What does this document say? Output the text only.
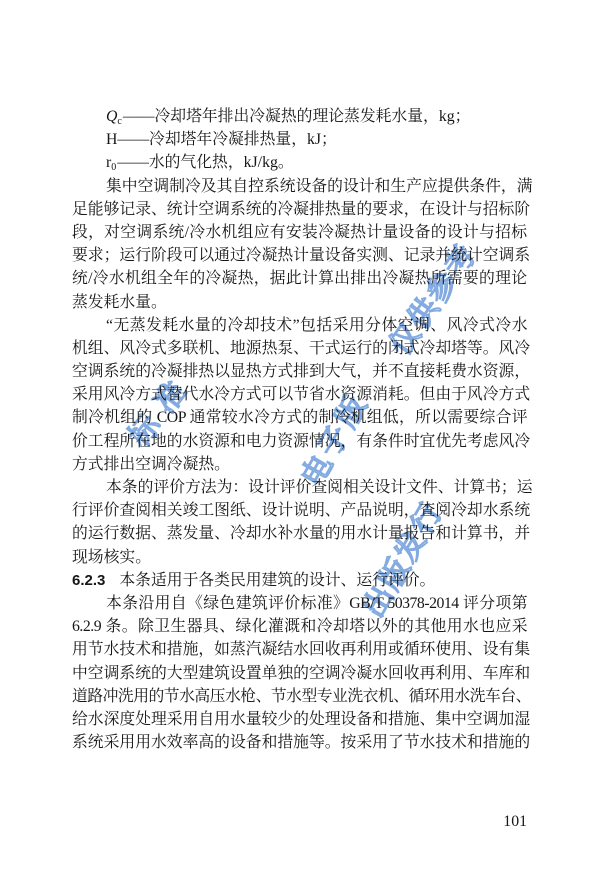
标准	电子版
仅供参考
出版发行
$Q_c——$冷却塔年排出冷凝热的理论蒸发耗水量，kg；
H——冷却塔年冷凝排热量，kJ；
$r_0——$水的气化热，kJ/kg。
集中空调制冷及其自控系统设备的设计和生产应提供条件，满
足能够记录、统计空调系统的冷凝排热量的要求，在设计与招标阶
段，对空调系统/冷水机组应有安装冷凝热计量设备的设计与招标
要求；运行阶段可以通过冷凝热计量设备实测、记录并统计空调系
统/冷水机组全年的冷凝热，据此计算出排出冷凝热所需要的理论
蒸发耗水量。
“无蒸发耗水量的冷却技术”包括采用分体空调、风冷式冷水
机组、风冷式多联机、地源热泵、干式运行的闭式冷却塔等。风冷
空调系统的冷凝排热以显热方式排到大气，并不直接耗费水资源，
采用风冷方式替代水冷方式可以节省水资源消耗。但由于风冷方式
制冷机组的 COP 通常较水冷方式的制冷机组低，所以需要综合评
价工程所在地的水资源和电力资源情况，有条件时宜优先考虑风冷
方式排出空调冷凝热。
本条的评价方法为：设计评价查阅相关设计文件、计算书；运
行评价查阅相关竣工图纸、设计说明、产品说明，查阅冷却水系统
的运行数据、蒸发量、冷却水补水量的用水计量报告和计算书，并
现场核实。
6.2.3 本条适用于各类民用建筑的设计、运行评价。
本条沿用自《绿色建筑评价标准》GB/T 50378-2014 评分项第
6.2.9 条。除卫生器具、绿化灌溉和冷却塔以外的其他用水也应采
用节水技术和措施，如蒸汽凝结水回收再利用或循环使用、设有集
中空调系统的大型建筑设置单独的空调冷凝水回收再利用、车库和
道路冲洗用的节水高压水枪、节水型专业洗衣机、循环用水洗车台、
给水深度处理采用自用水量较少的处理设备和措施、集中空调加湿
系统采用用水效率高的设备和措施等。按采用了节水技术和措施的
101
